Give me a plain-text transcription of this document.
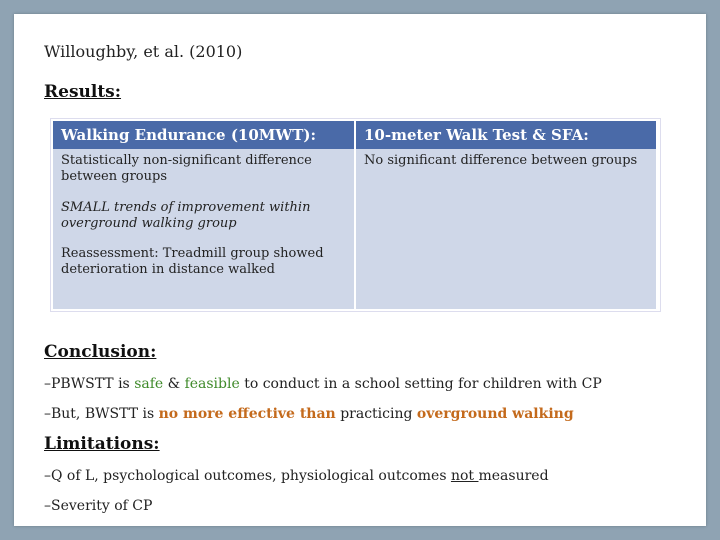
Willoughby, et al. (2010)
Results:
Walking Endurance (10MWT):	10-meter Walk Test & SFA:

Statistically non-significant difference between groups

SMALL trends of improvement within overground walking group

Reassessment: Treadmill group showed deterioration in distance walked	No significant difference between groups

Conclusion:
–PBWSTT is safe & feasible to conduct in a school setting for children with CP
–But, BWSTT is no more effective than practicing overground walking
Limitations:
–Q of L, psychological outcomes, physiological outcomes not measured
–Severity of CP
